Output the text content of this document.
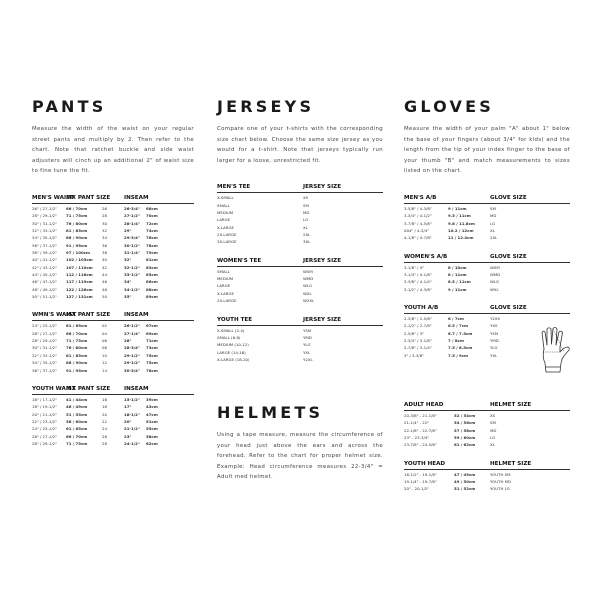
PANTS

Measure the width of the waist on your regular street pants and multiply by 2. Then refer to the chart. Note that ratchet buckle and side waist adjusters will cinch up an additional 2" of waist size to fine tune the fit.

MEN'S WAIST
MX PANT SIZE	INSEAM
26" / 27-1/2"	66 / 70cm	26	26-3/4"	68cm
28" / 29-1/2"	71 / 75cm	28	27-1/2"	70cm
30" / 31-1/2"	76 / 80cm	30	28-1/4"	72cm
32" / 33-1/2"	81 / 85cm	32	29"	74cm
34" / 35-1/2"	86 / 90cm	34	29-3/4"	76cm
36" / 37-1/2"	91 / 95cm	36	30-1/2"	78cm
38" / 39-1/2"	97 / 100cm	38	31-1/4"	79cm
40" / 41-1/2"	102 / 105cm	40	32"	81cm
42" / 43-1/2"	107 / 110cm	42	32-1/2"	83cm
44" / 45-1/2"	112 / 116cm	44	33-1/2"	85cm
46" / 47-1/2"	117 / 119cm	46	34"	86cm
48" / 49-1/2"	122 / 126cm	48	34-1/2"	88cm
50" / 51-1/2"	127 / 131cm	50	35"	89cm
WMN'S WAIST
MX PANT SIZE	INSEAM
24" / 25-1/2"	61 / 65cm	02	26-1/2"	67cm
26" / 27-1/2"	66 / 70cm	04	27-1/4"	69cm
28" / 29-1/2"	71 / 75cm	06	28"	71cm
30" / 31-1/2"	76 / 80cm	08	28-3/4"	73cm
32" / 33-1/2"	81 / 85cm	10	29-1/2"	75cm
34" / 35-1/2"	86 / 90cm	12	29-1/2"	75cm
36" / 37-1/2"	91 / 95cm	14	30-3/4"	78cm
YOUTH WAIST
MX PANT SIZE	INSEAM
16" / 17-1/2"	41 / 44cm	16	15-1/2"	39cm
18" / 19-1/2"	46 / 49cm	18	17"	43cm
20" / 21-1/2"	51 / 55cm	20	18-1/2"	47cm
22" / 23-1/2"	56 / 60cm	22	20"	51cm
24" / 25-1/2"	61 / 65cm	24	21-1/2"	55cm
26" / 27-1/2"	66 / 70cm	26	23"	58cm
28" / 29-1/2"	71 / 75cm	28	24-1/2"	62cm
JERSEYS

Compare one of your t-shirts with the corresponding size chart below. Choose the same size jersey as you would for a t-shirt. Note that jerseys typically run larger for a loose, unrestricted fit.

MEN'S TEE	JERSEY SIZE
X-SMALL	XS
SMALL	SM
MEDIUM	MD
LARGE	LG
X-LARGE	XL
2X-LARGE	2XL
3X-LARGE	3XL
WOMEN'S TEE	JERSEY SIZE
SMALL	WSM
MEDIUM	WMD
LARGE	WLG
X-LARGE	WXL
2X-LARGE	W2XL
YOUTH TEE	JERSEY SIZE
X-SMALL (2-4)	YSM
SMALL (6-8)	YMD
MEDIUM (10-12)	YLG
LARGE (14-16)	YXL
X-LARGE (18-20)	Y2XL
GLOVES

Measure the width of your palm "A" about 1" below the base of your fingers (about 3/4" for kids) and the length from the tip of your index finger to the base of your thumb "B" and match measurements to sizes listed on the chart.

MEN'S A/B	GLOVE SIZE
3-5/8" / 4-3/8"	9 / 11cm	SM
3-3/4" / 4-1/2"	9.5 / 11cm	MD
3-7/8" / 4-5/8"	9.8 / 11.8cm	LG
004" / 4-3/4"	10.2 / 12cm	XL
4-1/8" / 4-7/8"	11 / 12.4cm	2XL
WOMEN'S A/B	GLOVE SIZE
3-1/8" / 4"	8 / 10cm	WSM
3-1/4" / 4-1/8"	8 / 11cm	WMD
3-3/8" / 4-1/4"	8.5 / 11cm	WLG
3-1/2" / 4-3/8"	9 / 11cm	WXL
YOUTH A/B	GLOVE SIZE
2-3/8" / 2-5/8"	6 / 7cm	Y2XS
2-1/2" / 2-7/8"	6.5 / 7cm	YXS
2-5/8" / 3"	6.7 / 7.5cm	YSM
2-3/4" / 3-1/8"	7 / 8cm	YMD
2-7/8" / 3-1/4"	7.5 / 8.5cm	YLG
3" / 3-3/8"	7.5 / 9cm	YXL
HELMETS

Using a tape measure, measure the circumference of your head just above the ears and across the forehead. Refer to the chart for proper helmet size. Example: Head circumference measures 22-3/4" = Adult med helmet.

ADULT HEAD	HELMET SIZE
20-3/8" - 21-1/8"	52 / 54cm	XS
21-1/4" - 22"	54 / 56cm	SM
22-1/8" - 22-7/8"	57 / 58cm	MD
23" - 23-3/4"	59 / 60cm	LG
23-7/8" - 24-5/8"	61 / 62cm	XL
YOUTH HEAD	HELMET SIZE
18-1/2" - 19-1/8"	47 / 49cm	YOUTH SM
19-1/4" - 19-7/8"	49 / 50cm	YOUTH MD
20" - 20-1/2"	51 / 52cm	YOUTH LG
